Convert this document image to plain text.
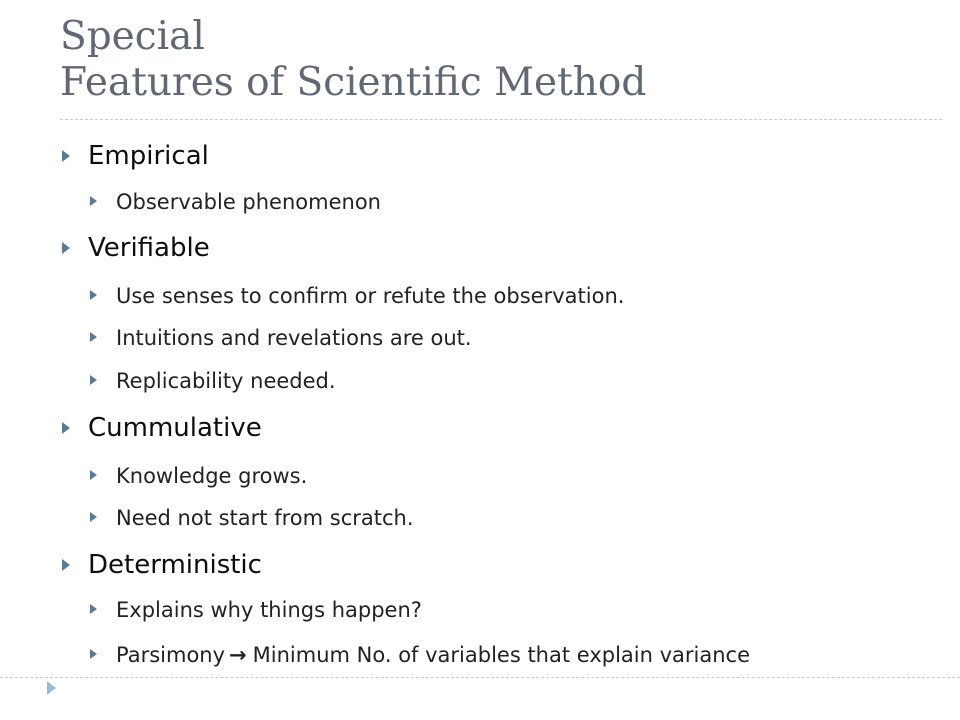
Special
Features of Scientific Method
Empirical
Observable phenomenon
Verifiable
Use senses to confirm or refute the observation.
Intuitions and revelations are out.
Replicability needed.
Cummulative
Knowledge grows.
Need not start from scratch.
Deterministic
Explains why things happen?
Parsimony → Minimum No. of variables that explain variance
